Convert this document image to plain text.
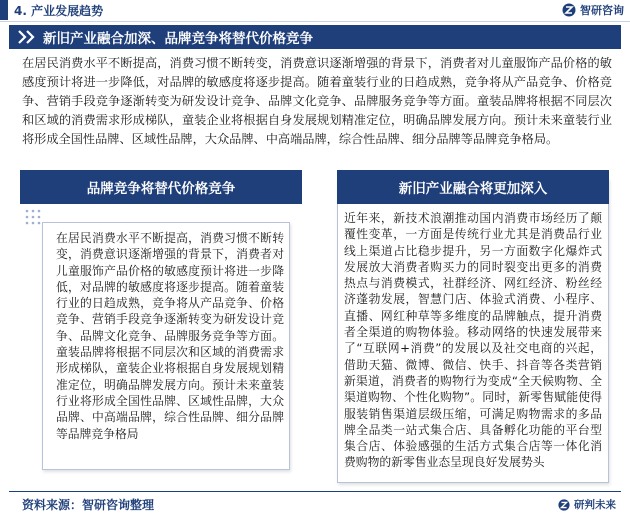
4. 产业发展趋势	智研咨询
新旧产业融合加深、品牌竞争将替代价格竞争

在居民消费水平不断提高，消费习惯不断转变，消费意识逐渐增强的背景下，消费者对儿童服饰产品价格的敏感度预计将进一步降低，对品牌的敏感度将逐步提高。随着童装行业的日趋成熟，竞争将从产品竞争、价格竞争、营销手段竞争逐渐转变为研发设计竞争、品牌文化竞争、品牌服务竞争等方面。童装品牌将根据不同层次和区域的消费需求形成梯队，童装企业将根据自身发展规划精准定位，明确品牌发展方向。预计未来童装行业将形成全国性品牌、区域性品牌，大众品牌、中高端品牌，综合性品牌、细分品牌等品牌竞争格局。

品牌竞争将替代价格竞争

在居民消费水平不断提高，消费习惯不断转变，消费意识逐渐增强的背景下，消费者对儿童服饰产品价格的敏感度预计将进一步降低，对品牌的敏感度将逐步提高。随着童装行业的日趋成熟，竞争将从产品竞争、价格竞争、营销手段竞争逐渐转变为研发设计竞争、品牌文化竞争、品牌服务竞争等方面。童装品牌将根据不同层次和区域的消费需求形成梯队，童装企业将根据自身发展规划精准定位，明确品牌发展方向。预计未来童装行业将形成全国性品牌、区域性品牌，大众品牌、中高端品牌，综合性品牌、细分品牌等品牌竞争格局

新旧产业融合将更加深入

近年来，新技术浪潮推动国内消费市场经历了颠覆性变革，一方面是传统行业尤其是消费品行业线上渠道占比稳步提升，另一方面数字化爆炸式发展放大消费者购买力的同时裂变出更多的消费热点与消费模式，社群经济、网红经济、粉丝经济蓬勃发展，智慧门店、体验式消费、小程序、直播、网红种草等多维度的品牌触点，提升消费者全渠道的购物体验。移动网络的快速发展带来了“互联网+消费”的发展以及社交电商的兴起，借助天猫、微博、微信、快手、抖音等各类营销新渠道，消费者的购物行为变成“全天候购物、全渠道购物、个性化购物”。同时，新零售赋能使得服装销售渠道层级压缩，可满足购物需求的多品牌全品类一站式集合店、具备孵化功能的平台型集合店、体验感强的生活方式集合店等一体化消费购物的新零售业态呈现良好发展势头

资料来源：智研咨询整理	研判未来
